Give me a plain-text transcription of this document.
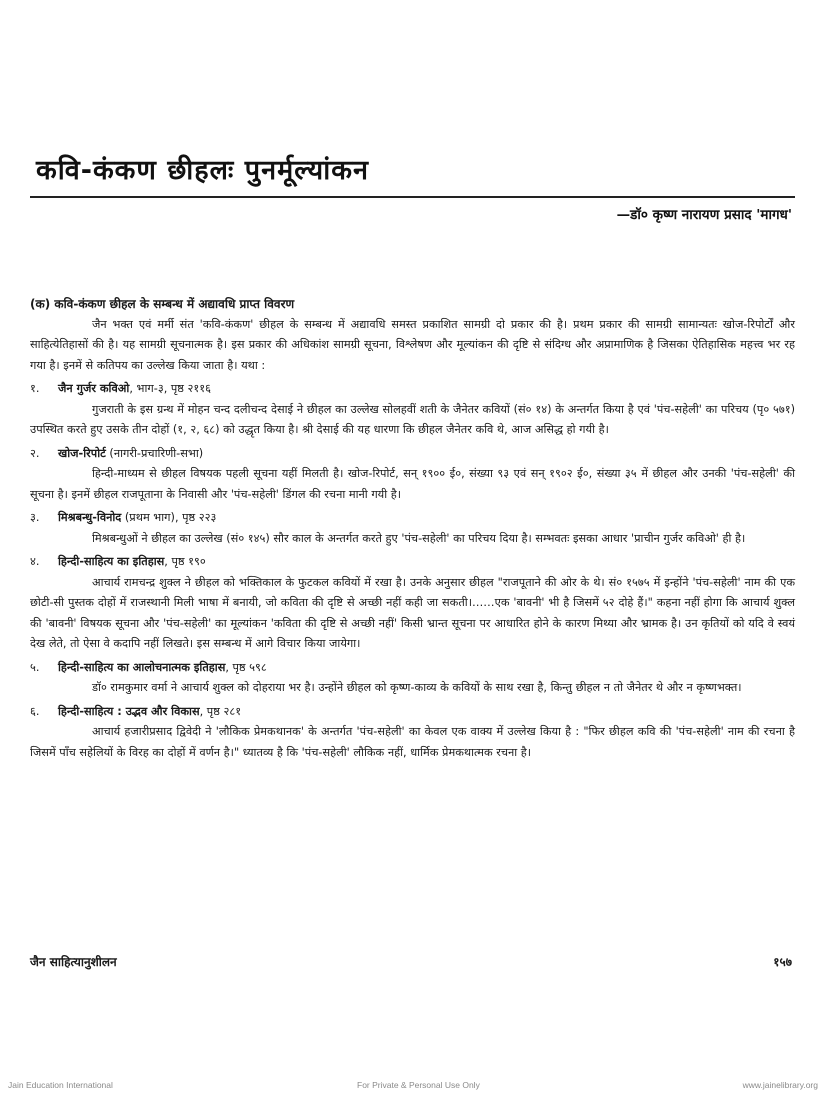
कवि-कंकण छीहलः पुनर्मूल्यांकन
—डॉ० कृष्ण नारायण प्रसाद 'मागध'
(क) कवि-कंकण छीहल के सम्बन्ध में अद्यावधि प्राप्त विवरण

जैन भक्त एवं मर्मी संत 'कवि-कंकण' छीहल के सम्बन्ध में अद्यावधि समस्त प्रकाशित सामग्री दो प्रकार की है। प्रथम प्रकार की सामग्री सामान्यतः खोज-रिपोर्टों और साहित्येतिहासों की है। यह सामग्री सूचनात्मक है। इस प्रकार की अधिकांश सामग्री सूचना, विश्लेषण और मूल्यांकन की दृष्टि से संदिग्ध और अप्रामाणिक है जिसका ऐतिहासिक महत्त्व भर रह गया है। इनमें से कतिपय का उल्लेख किया जाता है। यथा :

१. जैन गुर्जर कविओ, भाग-३, पृष्ठ २११६

गुजराती के इस ग्रन्थ में मोहन चन्द दलीचन्द देसाई ने छीहल का उल्लेख सोलहवीं शती के जैनेतर कवियों (सं० १४) के अन्तर्गत किया है एवं 'पंच-सहेली' का परिचय (पृ० ५७१) उपस्थित करते हुए उसके तीन दोहों (१, २, ६८) को उद्धृत किया है। श्री देसाई की यह धारणा कि छीहल जैनेतर कवि थे, आज असिद्ध हो गयी है।

२. खोज-रिपोर्ट (नागरी-प्रचारिणी-सभा)

हिन्दी-माध्यम से छीहल विषयक पहली सूचना यहीं मिलती है। खोज-रिपोर्ट, सन् १९०० ई०, संख्या ९३ एवं सन् १९०२ ई०, संख्या ३५ में छीहल और उनकी 'पंच-सहेली' की सूचना है। इनमें छीहल राजपूताना के निवासी और 'पंच-सहेली' डिंगल की रचना मानी गयी है।

३. मिश्रबन्धु-विनोद (प्रथम भाग), पृष्ठ २२३

मिश्रबन्धुओं ने छीहल का उल्लेख (सं० १४५) सौर काल के अन्तर्गत करते हुए 'पंच-सहेली' का परिचय दिया है। सम्भवतः इसका आधार 'प्राचीन गुर्जर कविओ' ही है।

४. हिन्दी-साहित्य का इतिहास, पृष्ठ १९०

आचार्य रामचन्द्र शुक्ल ने छीहल को भक्तिकाल के फुटकल कवियों में रखा है। उनके अनुसार छीहल "राजपूताने की ओर के थे। सं० १५७५ में इन्होंने 'पंच-सहेली' नाम की एक छोटी-सी पुस्तक दोहों में राजस्थानी मिली भाषा में बनायी, जो कविता की दृष्टि से अच्छी नहीं कही जा सकती।……एक 'बावनी' भी है जिसमें ५२ दोहे हैं।" कहना नहीं होगा कि आचार्य शुक्ल की 'बावनी' विषयक सूचना और 'पंच-सहेली' का मूल्यांकन 'कविता की दृष्टि से अच्छी नहीं' किसी भ्रान्त सूचना पर आधारित होने के कारण मिथ्या और भ्रामक है। उन कृतियों को यदि वे स्वयं देख लेते, तो ऐसा वे कदापि नहीं लिखते। इस सम्बन्ध में आगे विचार किया जायेगा।

५. हिन्दी-साहित्य का आलोचनात्मक इतिहास, पृष्ठ ५९८

डॉ० रामकुमार वर्मा ने आचार्य शुक्ल को दोहराया भर है। उन्होंने छीहल को कृष्ण-काव्य के कवियों के साथ रखा है, किन्तु छीहल न तो जैनेतर थे और न कृष्णभक्त।

६. हिन्दी-साहित्य : उद्भव और विकास, पृष्ठ २८१

आचार्य हजारीप्रसाद द्विवेदी ने 'लौकिक प्रेमकथानक' के अन्तर्गत 'पंच-सहेली' का केवल एक वाक्य में उल्लेख किया है : "फिर छीहल कवि की 'पंच-सहेली' नाम की रचना है जिसमें पाँच सहेलियों के विरह का दोहों में वर्णन है।" ध्यातव्य है कि 'पंच-सहेली' लौकिक नहीं, धार्मिक प्रेमकथात्मक रचना है।

जैन साहित्यानुशीलन	१५७
Jain Education International	For Private & Personal Use Only	www.jainelibrary.org
